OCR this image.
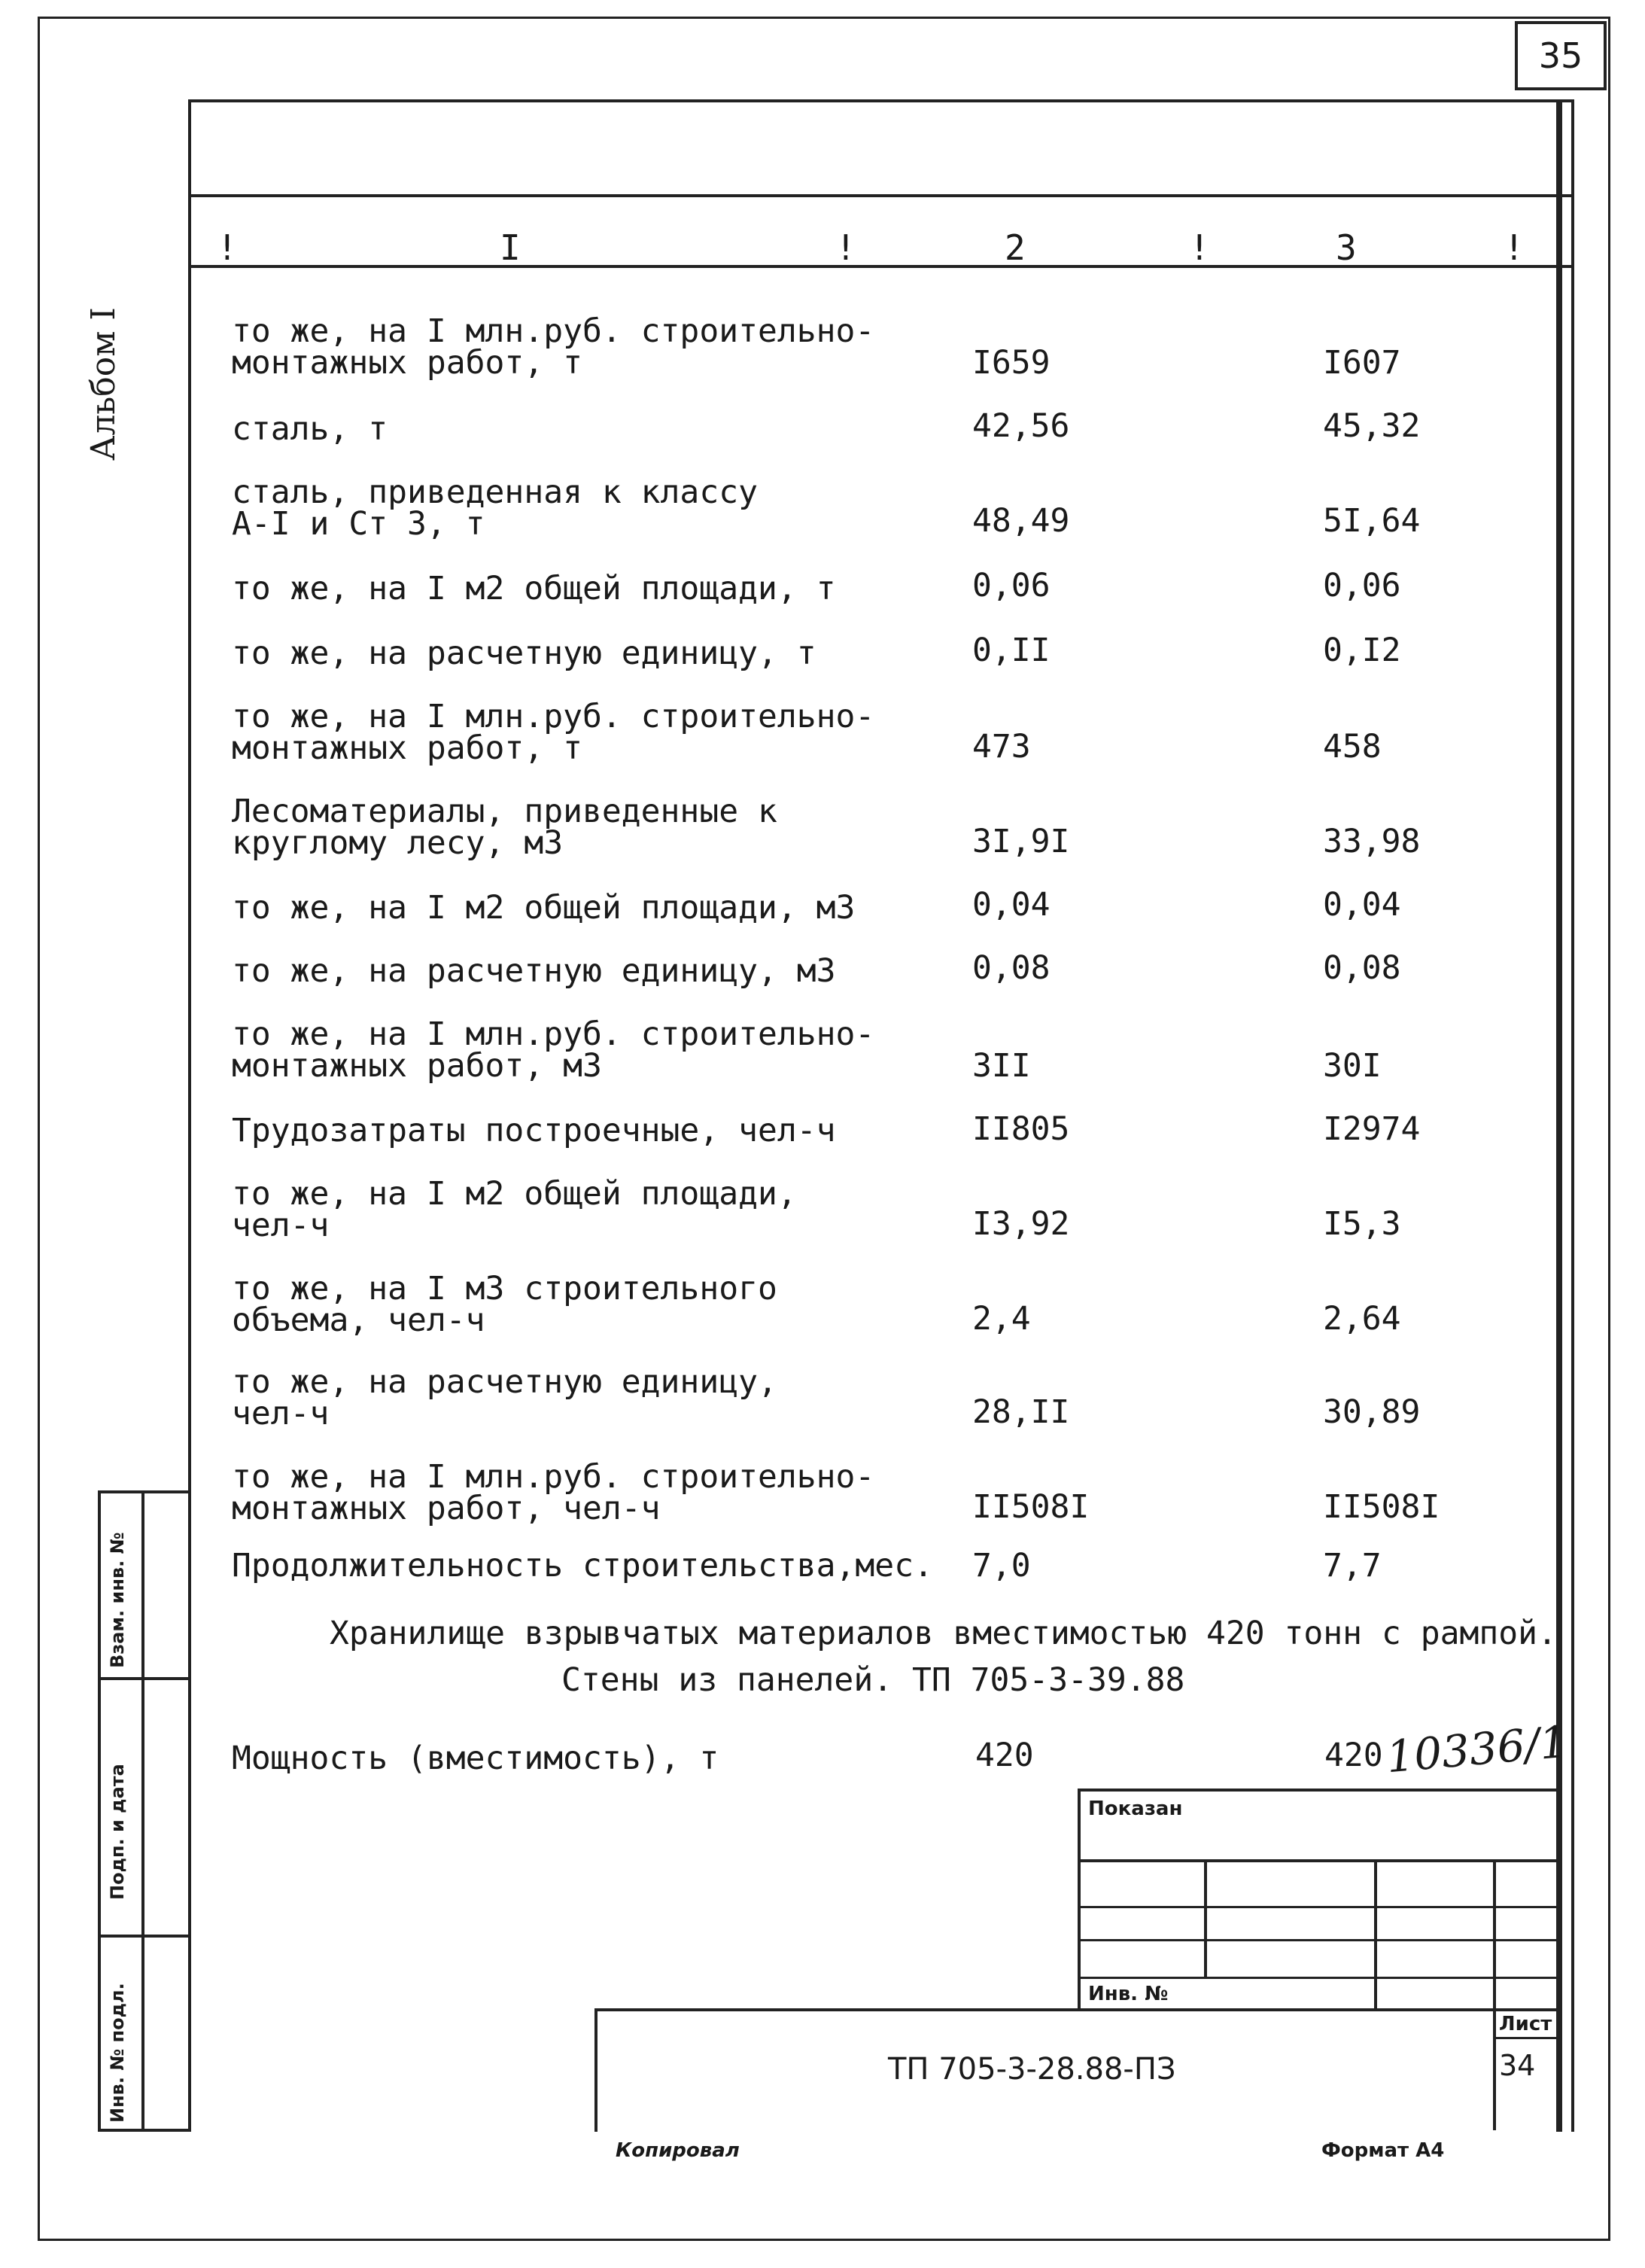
35
Альбом I
!	I	!	2	!	3	!
то же, на I млн.руб. строительно-
монтажных работ, т	I659	I607
сталь, т	42,56	45,32
сталь, приведенная к классу
А-I и Ст 3, т	48,49	5I,64
то же, на I м2 общей площади, т	0,06	0,06
то же, на расчетную единицу, т	0,II	0,I2
то же, на I млн.руб. строительно-
монтажных работ, т	473	458
Лесоматериалы, приведенные к
круглому лесу, м3	3I,9I	33,98
то же, на I м2 общей площади, м3	0,04	0,04
то же, на расчетную единицу, м3	0,08	0,08
то же, на I млн.руб. строительно-
монтажных работ, м3	3II	30I
Трудозатраты построечные, чел-ч	II805	I2974
то же, на I м2 общей площади,
чел-ч	I3,92	I5,3
то же, на I м3 строительного
объема, чел-ч	2,4	2,64
то же, на расчетную единицу,
чел-ч	28,II	30,89
то же, на I млн.руб. строительно-
монтажных работ, чел-ч	II508I	II508I
Продолжительность строительства,мес.	7,0	7,7
Хранилище взрывчатых материалов вместимостью 420 тонн с рампой.
Стены из панелей. ТП 705-3-39.88
Мощность (вместимость), т	420	420 10336/1
Показан
Инв. №
Лист
34
ТП 705-3-28.88-ПЗ
Взам. инв. №
Подп. и дата
Инв. № подл.
Копировал	Формат А4
